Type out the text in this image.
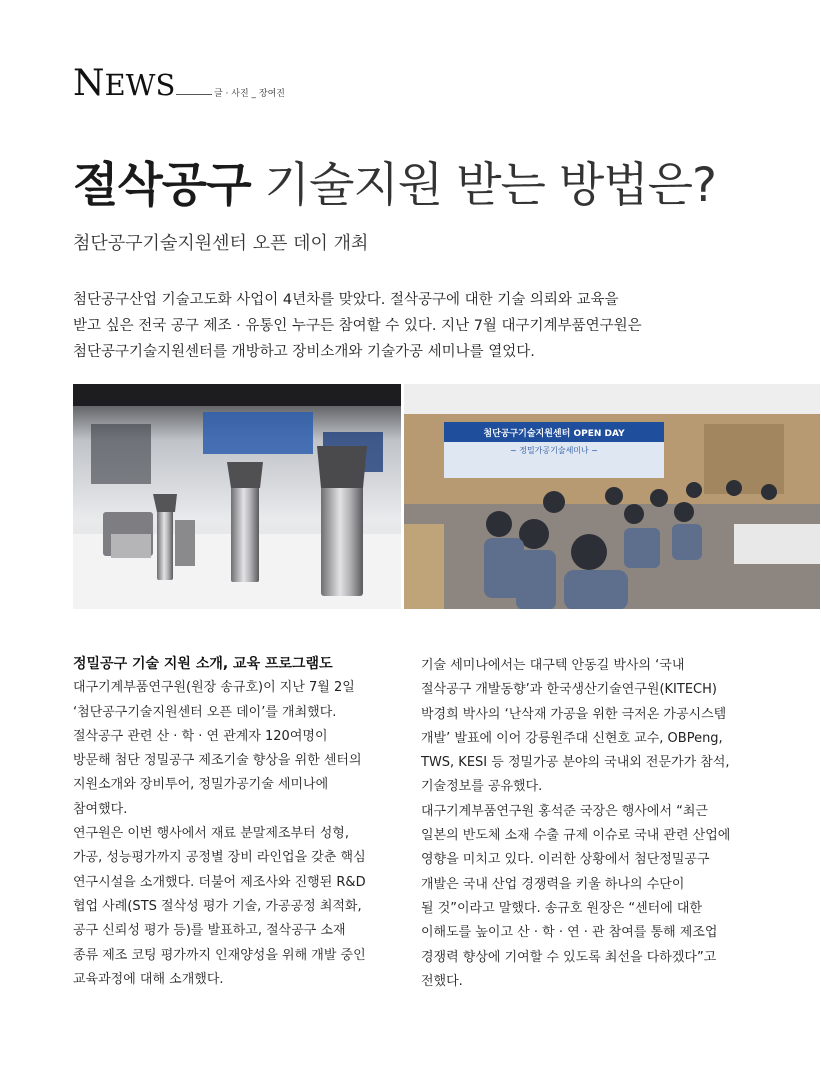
NEWS	글 · 사진 _ 장여진
절삭공구 기술지원 받는 방법은?
첨단공구기술지원센터 오픈 데이 개최
첨단공구산업 기술고도화 사업이 4년차를 맞았다. 절삭공구에 대한 기술 의뢰와 교육을
받고 싶은 전국 공구 제조 · 유통인 누구든 참여할 수 있다. 지난 7월 대구기계부품연구원은
첨단공구기술지원센터를 개방하고 장비소개와 기술가공 세미나를 열었다.
첨단공구기술지원센터 OPEN DAY
~ 정밀가공기술세미나 ~
정밀공구 기술 지원 소개, 교육 프로그램도
대구기계부품연구원(원장 송규호)이 지난 7월 2일
‘첨단공구기술지원센터 오픈 데이’를 개최했다.
절삭공구 관련 산 · 학 · 연 관계자 120여명이
방문해 첨단 정밀공구 제조기술 향상을 위한 센터의
지원소개와 장비투어, 정밀가공기술 세미나에
참여했다.
연구원은 이번 행사에서 재료 분말제조부터 성형,
가공, 성능평가까지 공정별 장비 라인업을 갖춘 핵심
연구시설을 소개했다. 더불어 제조사와 진행된 R&D
협업 사례(STS 절삭성 평가 기술, 가공공정 최적화,
공구 신뢰성 평가 등)를 발표하고, 절삭공구 소재
종류 제조 코팅 평가까지 인재양성을 위해 개발 중인
교육과정에 대해 소개했다.
기술 세미나에서는 대구텍 안동길 박사의 ‘국내
절삭공구 개발동향’과 한국생산기술연구원(KITECH)
박경희 박사의 ‘난삭재 가공을 위한 극저온 가공시스템
개발’ 발표에 이어 강릉원주대 신현호 교수, OBPeng,
TWS, KESI 등 정밀가공 분야의 국내외 전문가가 참석,
기술정보를 공유했다.
대구기계부품연구원 홍석준 국장은 행사에서 “최근
일본의 반도체 소재 수출 규제 이슈로 국내 관련 산업에
영향을 미치고 있다. 이러한 상황에서 첨단정밀공구
개발은 국내 산업 경쟁력을 키울 하나의 수단이
될 것”이라고 말했다. 송규호 원장은 “센터에 대한
이해도를 높이고 산 · 학 · 연 · 관 참여를 통해 제조업
경쟁력 향상에 기여할 수 있도록 최선을 다하겠다”고
전했다.
